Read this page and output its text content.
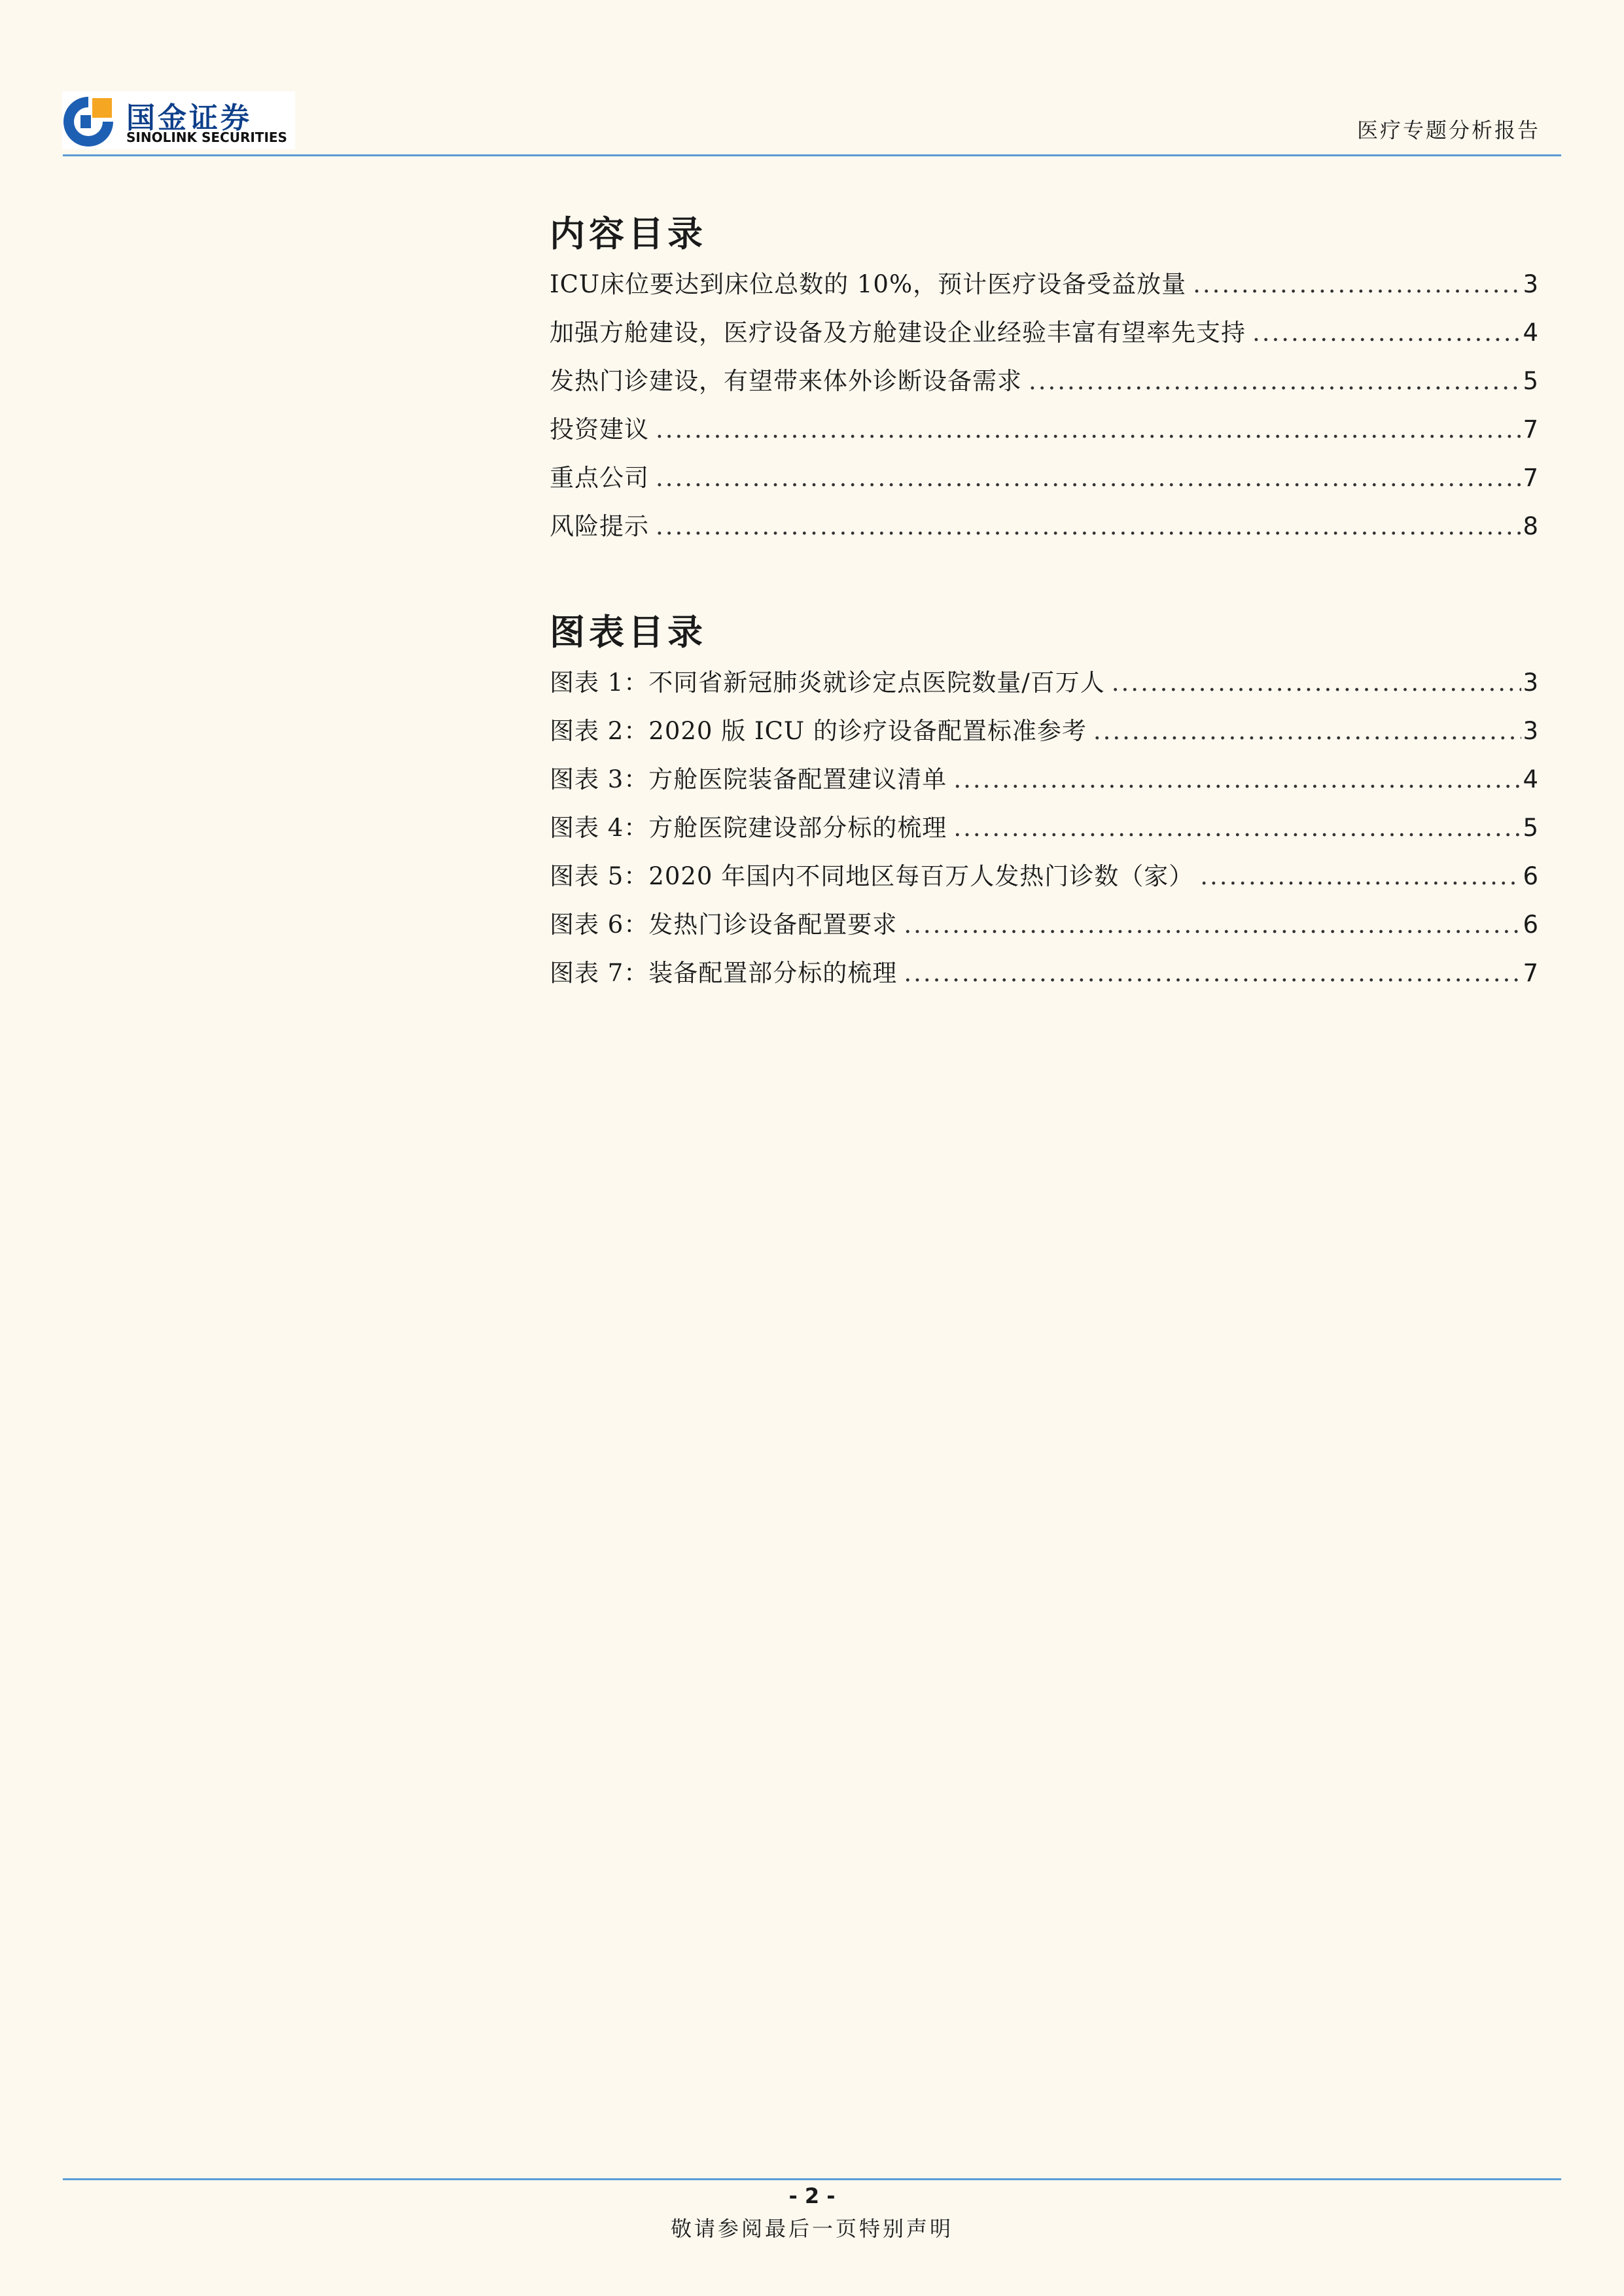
国金证券
SINOLINK SECURITIES	医疗专题分析报告
内容目录
ICU床位要达到床位总数的 10%，预计医疗设备受益放量 .....	3
加强方舱建设，医疗设备及方舱建设企业经验丰富有望率先支持 .....	4
发热门诊建设，有望带来体外诊断设备需求 .....	5
投资建议 .....	7
重点公司 .....	7
风险提示 .....	8
图表目录
图表 1：不同省新冠肺炎就诊定点医院数量/百万人 .....	3
图表 2：2020 版 ICU 的诊疗设备配置标准参考 .....	3
图表 3：方舱医院装备配置建议清单 .....	4
图表 4：方舱医院建设部分标的梳理 .....	5
图表 5：2020 年国内不同地区每百万人发热门诊数（家） .....	6
图表 6：发热门诊设备配置要求 .....	6
图表 7：装备配置部分标的梳理 .....	7
- 2 -
敬请参阅最后一页特别声明
